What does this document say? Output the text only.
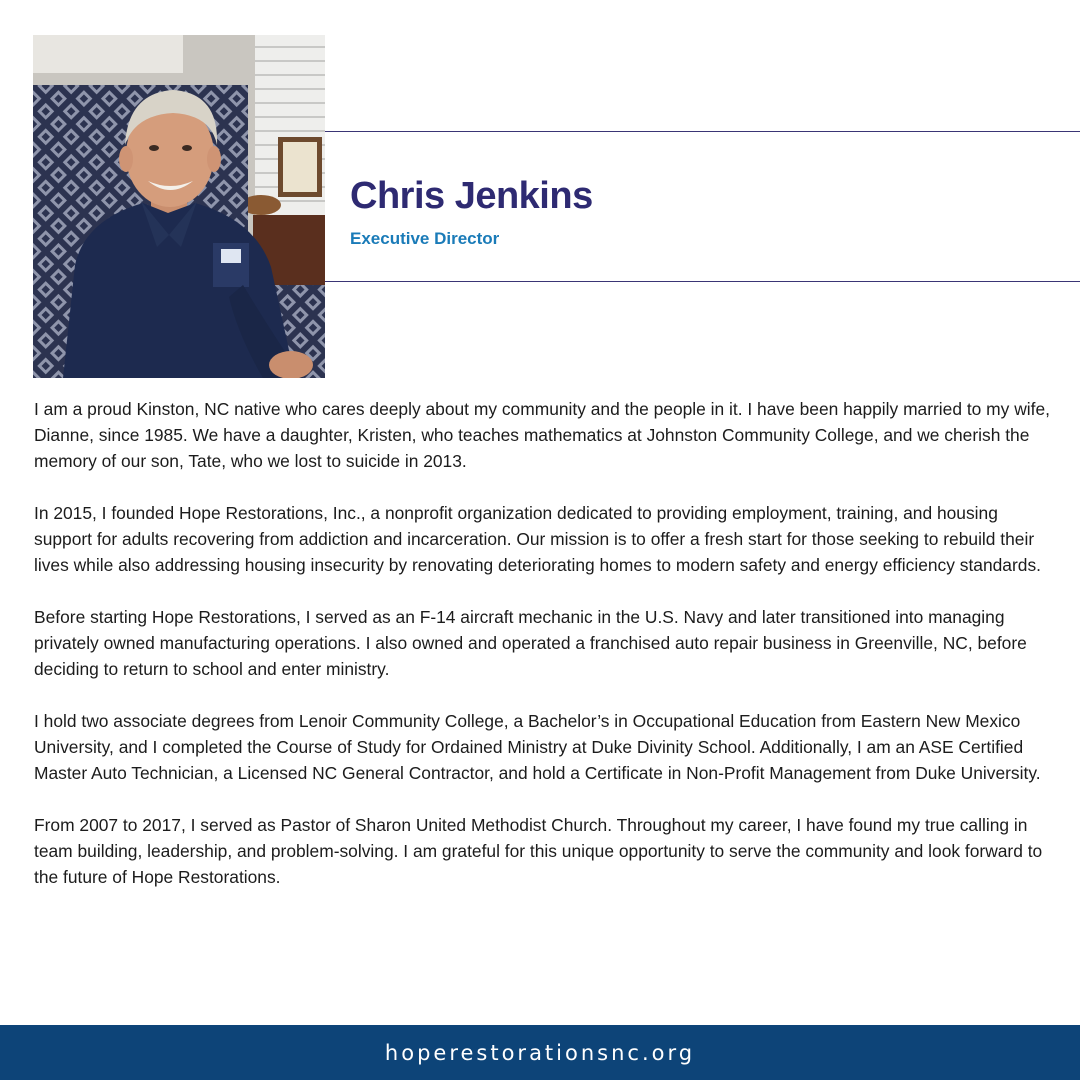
Chris Jenkins
Executive Director

I am a proud Kinston, NC native who cares deeply about my community and the people in it. I have been happily married to my wife, Dianne, since 1985. We have a daughter, Kristen, who teaches mathematics at Johnston Community College, and we cherish the memory of our son, Tate, who we lost to suicide in 2013.

In 2015, I founded Hope Restorations, Inc., a nonprofit organization dedicated to providing employment, training, and housing support for adults recovering from addiction and incarceration. Our mission is to offer a fresh start for those seeking to rebuild their lives while also addressing housing insecurity by renovating deteriorating homes to modern safety and energy efficiency standards.

Before starting Hope Restorations, I served as an F-14 aircraft mechanic in the U.S. Navy and later transitioned into managing privately owned manufacturing operations. I also owned and operated a franchised auto repair business in Greenville, NC, before deciding to return to school and enter ministry.

I hold two associate degrees from Lenoir Community College, a Bachelor’s in Occupational Education from Eastern New Mexico University, and I completed the Course of Study for Ordained Ministry at Duke Divinity School. Additionally, I am an ASE Certified Master Auto Technician, a Licensed NC General Contractor, and hold a Certificate in Non-Profit Management from Duke University.

From 2007 to 2017, I served as Pastor of Sharon United Methodist Church. Throughout my career, I have found my true calling in team building, leadership, and problem-solving. I am grateful for this unique opportunity to serve the community and look forward to the future of Hope Restorations.

hoperestorationsnc.org
